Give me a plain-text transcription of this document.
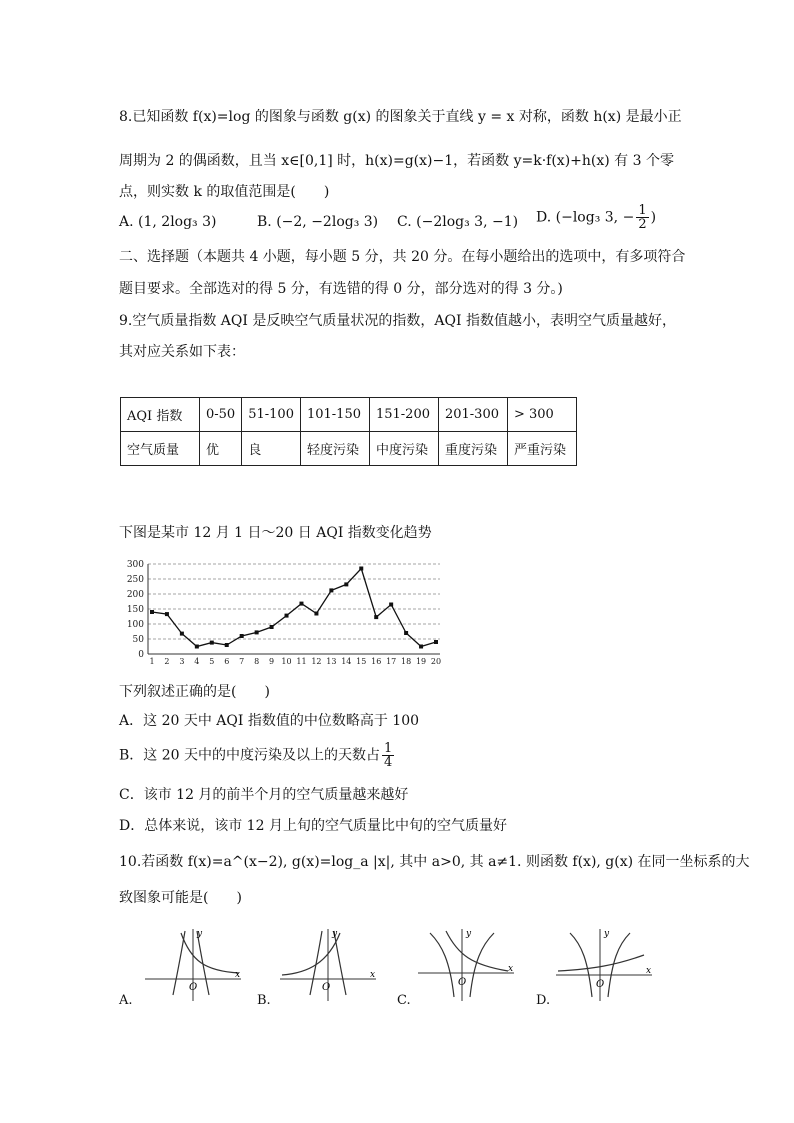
8.已知函数 f(x)=log 的图象与函数 g(x) 的图象关于直线 y = x 对称，函数 h(x) 是最小正
周期为 2 的偶函数，且当 x∈[0,1] 时，h(x)=g(x)−1，若函数 y=k·f(x)+h(x) 有 3 个零
点，则实数 k 的取值范围是(　　)
A. (1, 2log₃ 3)	B. (−2, −2log₃ 3) C. (−2log₃ 3, −1) D. (−log₃ 3, − $\frac{1}{2}$ )
二、选择题（本题共 4 小题，每小题 5 分，共 20 分。在每小题给出的选项中，有多项符合
题目要求。全部选对的得 5 分，有选错的得 0 分，部分选对的得 3 分。)
9.空气质量指数 AQI 是反映空气质量状况的指数，AQI 指数值越小，表明空气质量越好，
其对应关系如下表：
AQI 指数	0-50	51-100	101-150	151-200	201-300	> 300
空气质量	优	良	轻度污染	中度污染	重度污染	严重污染
下图是某市 12 月 1 日～20 日 AQI 指数变化趋势
0
50
100
150
200
250
300
1 2 3 4 5 6 7 8 9 10 11 12 13 14 15 16 17 18 19 20
下列叙述正确的是(　　)
A．这 20 天中 AQI 指数值的中位数略高于 100
B．这 20 天中的中度污染及以上的天数占 $\frac{1}{4}$
C．该市 12 月的前半个月的空气质量越来越好
D．总体来说，该市 12 月上旬的空气质量比中旬的空气质量好
10.若函数 f(x)=a^(x−2), g(x)=log_a |x|, 其中 a>0, 其 a≠1. 则函数 f(x), g(x) 在同一坐标系的大
致图象可能是(　　)
O
x
y
A.
O
x
y
B.
O
x
y
C.
O
x
y
D.
